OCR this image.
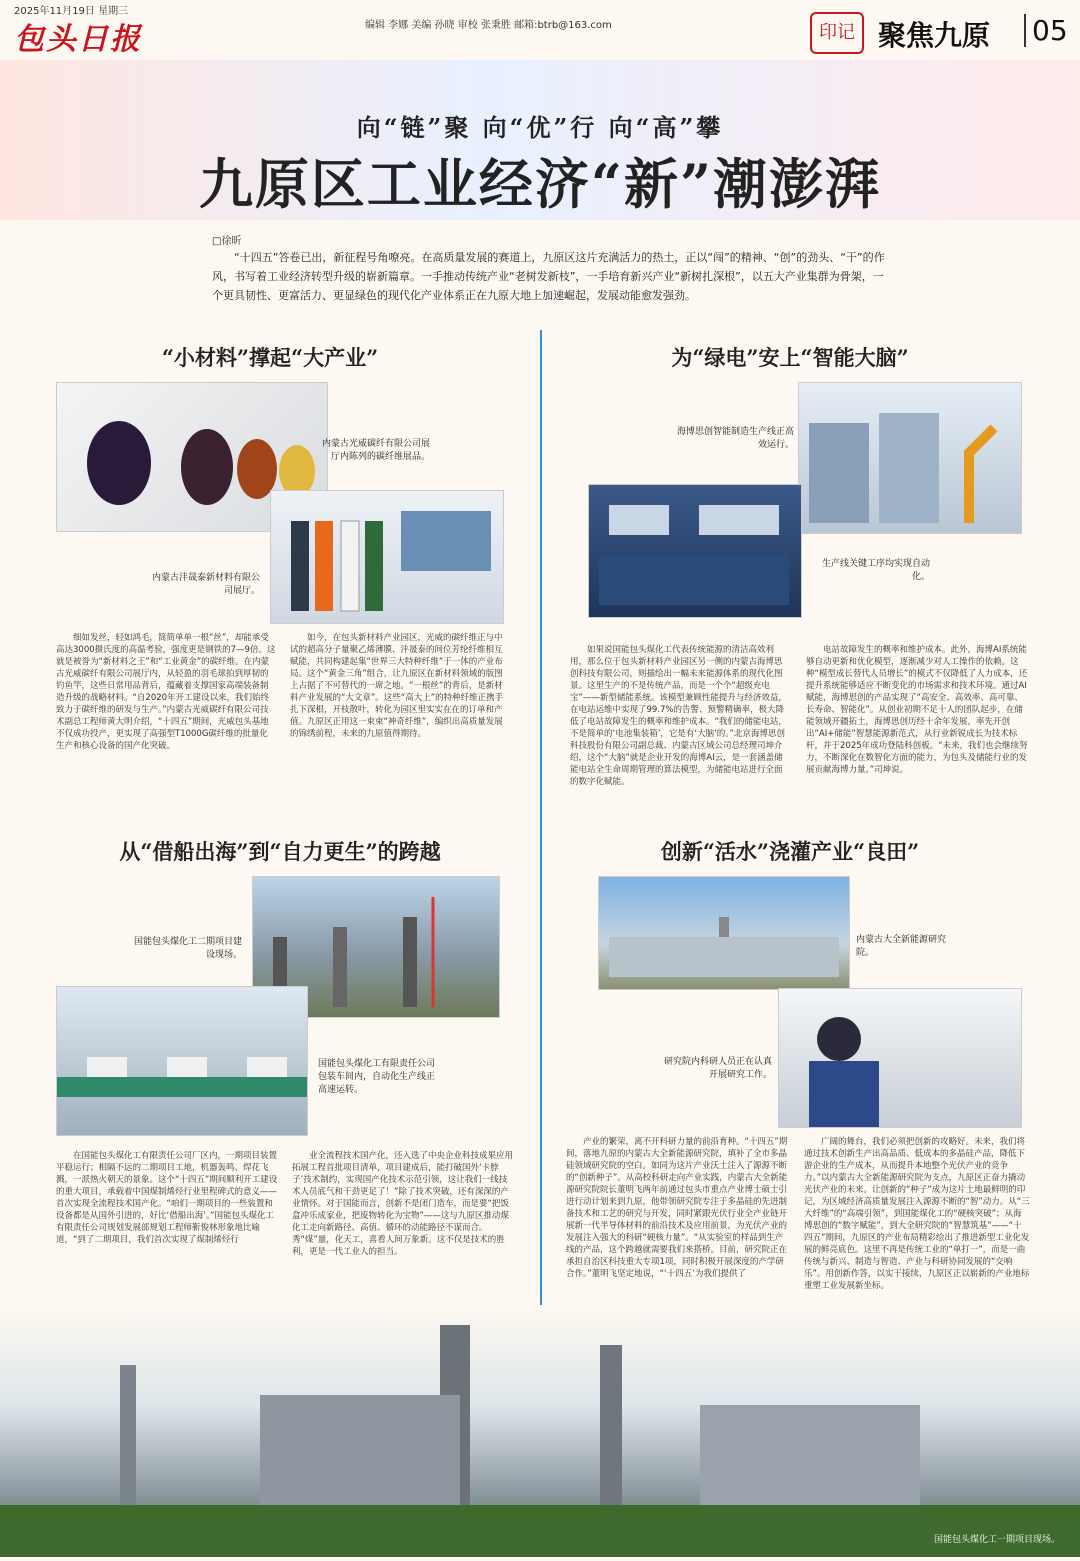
2025年11月19日 星期三
包头日报	编辑 李娜 美编 孙晓 审校 张秉胜 邮箱:btrb@163.com	印记 聚焦九原 05
向“链”聚 向“优”行 向“高”攀
九原区工业经济“新”潮澎湃
□徐昕
“十四五”答卷已出，新征程号角嘹亮。在高质量发展的赛道上，九原区这片充满活力的热土，正以“闯”的精神、“创”的劲头、“干”的作风，书写着工业经济转型升级的崭新篇章。一手推动传统产业“老树发新枝”，一手培育新兴产业“新树扎深根”，以五大产业集群为骨架，一个更具韧性、更富活力、更显绿色的现代化产业体系正在九原大地上加速崛起，发展动能愈发强劲。
“小材料”撑起“大产业”
内蒙古光威碳纤有限公司展厅内陈列的碳纤维展品。
内蒙古沣晟泰新材料有限公司展厅。
细如发丝，轻如鸿毛，简简单单一根“丝”，却能承受高达3000摄氏度的高温考验，强度更是钢铁的7—9倍。这就是被誉为“新材料之王”和“工业黄金”的碳纤维。在内蒙古光威碳纤有限公司展厅内，从轻盈的羽毛球拍到厚韧的钓鱼竿，这些日常用品背后，蕴藏着支撑国家高端装备制造升级的战略材料。“自2020年开工建设以来，我们始终致力于碳纤维的研发与生产。”内蒙古光威碳纤有限公司技术副总工程师黄大明介绍，“十四五”期间，光威包头基地不仅成功投产，更实现了高强型T1000G碳纤维的批量化生产和核心设备的国产化突破。
如今，在包头新材料产业园区，光威的碳纤维正与中试的超高分子量聚乙烯薄膜、沣晟泰的间位芳纶纤维相互赋能，共同构建起集“世界三大特种纤维”于一体的产业布局。这个“黄金三角”组合，让九原区在新材料领域的版图上占据了不可替代的一席之地。“一根丝”的背后，是新材料产业发展的“大文章”。这些“高大上”的特种纤维正携手扎下深根，开枝散叶，转化为园区里实实在在的订单和产值。九原区正用这一束束“神奇纤维”，编织出高质量发展的锦绣前程，未来的九原值得期待。
为“绿电”安上“智能大脑”
海博思创智能制造生产线正高效运行。
生产线关键工序均实现自动化。
如果说国能包头煤化工代表传统能源的清洁高效利用，那么位于包头新材料产业园区另一侧的内蒙古海博思创科技有限公司，则描绘出一幅未来能源体系的现代化图景。这里生产的不是传统产品，而是一个个“超级充电宝”——新型储能系统。该模型兼顾性能提升与经济效益，在电站运维中实现了99.7%的告警、预警精确率，极大降低了电站故障发生的概率和维护成本。“我们的储能电站，不是简单的‘电池集装箱’，它是有‘大脑’的。”北京海博思创科技股份有限公司副总裁、内蒙古区域公司总经理司坤介绍，这个“大脑”就是企业开发的海博AI云，是一套涵盖储能电站全生命周期管理的算法模型，为储能电站进行全面的数字化赋能。
电站故障发生的概率和维护成本。此外，海博AI系统能够自动更新和优化模型，逐渐减少对人工操作的依赖。这种“模型成长替代人员增长”的模式不仅降低了人力成本，还提升系统能够适应不断变化的市场需求和技术环境。通过AI赋能，海博思创的产品实现了“高安全、高效率、高可靠、长寿命、智能化”。从创业初期不足十人的团队起步，在储能领域开疆拓土，海博思创历经十余年发展，率先开创出“AI+储能”智慧能源新范式，从行业新锐成长为技术标杆，并于2025年成功登陆科创板。“未来，我们也会继续努力，不断深化在数智化方面的能力，为包头及储能行业的发展贡献海博力量。”司坤说。
从“借船出海”到“自力更生”的跨越
国能包头煤化工二期项目建设现场。
国能包头煤化工有限责任公司包装车间内，自动化生产线正高速运转。
在国能包头煤化工有限责任公司厂区内，一期项目装置平稳运行；相隔不远的二期项目工地，机器轰鸣、焊花飞溅，一派热火朝天的景象。这个“十四五”期间顺利开工建设的重大项目，承载着中国煤制烯烃行业里程碑式的意义——首次实现全流程技术国产化。“咱们一期项目的一些装置和设备都是从国外引进的，好比‘借船出海’。”国能包头煤化工有限责任公司规划发展部规划工程师靳俊林形象地比喻道，“到了二期项目，我们首次实现了煤制烯烃行
业全流程技术国产化，还入选了中央企业科技成果应用拓展工程首批项目清单，项目建成后，能打破国外‘卡脖子’技术制约，实现国产化技术示范引领，这让我们一线技术人员底气和干劲更足了！”除了技术突破，还有深深的产业情怀。对于国能而言，创新不是闭门造车，而是要“把饭盒冲乐成家业，把废物转化为宝物”——这与九原区推动煤化工走向新路径、高值、循环的动能路径不谋而合。秀“煤”量，化天工，喜看人间万象新。这不仅是技术的胜利，更是一代工业人的担当。
创新“活水”浇灌产业“良田”
内蒙古大全新能源研究院。
研究院内科研人员正在认真开展研究工作。
产业的繁荣，离不开科研力量的前沿育种。“十四五”期间，落地九原的内蒙古大全新能源研究院，填补了全市多晶硅领域研究院的空白。如同为这片产业沃土注入了源源不断的“创新种子”。从高校科研走向产业实践，内蒙古大全新能源研究院院长董明飞两年前通过包头市重点产业博士硕士引进行动计划来到九原，他带领研究院专注于多晶硅的先进制备技术和工艺的研究与开发，同时紧跟光伏行业全产业链开展新一代半导体材料的前沿技术及应用前景，为光伏产业的发展注入强大的科研“硬核力量”。“从实验室的样品到生产线的产品，这个跨越就需要我们来搭桥。目前，研究院正在承担自治区科技重大专项1项，同时积极开展深度的产学研合作。”董明飞坚定地说，“‘十四五’为我们提供了
广阔的舞台，我们必须把创新的攻略好。未来，我们将通过技术创新生产出高品质、低成本的多晶硅产品，降低下游企业的生产成本，从而提升本地整个光伏产业的竞争力。”以内蒙古大全新能源研究院为支点，九原区正奋力撬动光伏产业的未来。让创新的“种子”成为这片土地最鲜明的印记，为区域经济高质量发展注入源源不断的“智”动力。从“三大纤维”的“高端引领”，到国能煤化工的“硬核突破”；从海博思创的“数字赋能”，到大全研究院的“智慧筑基”——“十四五”期间，九原区的产业布局精彩绘出了推进新型工业化发展的鲜亮底色。这里不再是传统工业的“单打一”，而是一曲传统与新兴、制造与智造、产业与科研协同发展的“交响乐”。用创新作答，以实干接续，九原区正以崭新的产业地标重塑工业发展新坐标。
国能包头煤化工一期项目现场。
